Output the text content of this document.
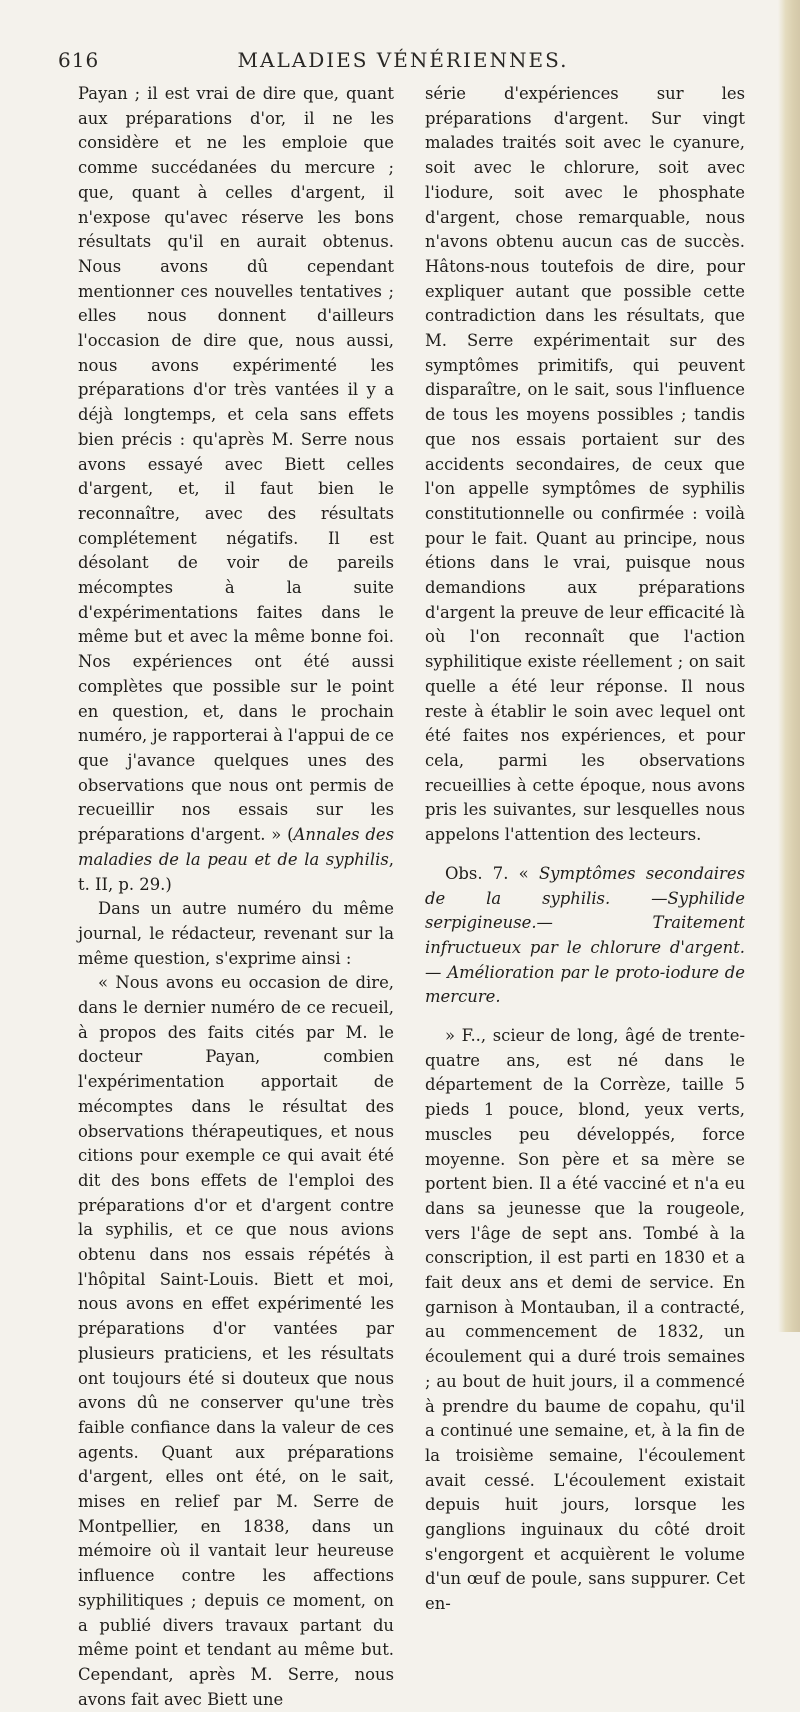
616	MALADIES VÉNÉRIENNES.

Payan ; il est vrai de dire que, quant aux préparations d'or, il ne les considère et ne les emploie que comme succédanées du mercure ; que, quant à celles d'argent, il n'expose qu'avec réserve les bons résultats qu'il en aurait obtenus. Nous avons dû cependant mentionner ces nouvelles tentatives ; elles nous donnent d'ailleurs l'occasion de dire que, nous aussi, nous avons expérimenté les préparations d'or très vantées il y a déjà longtemps, et cela sans effets bien précis : qu'après M. Serre nous avons essayé avec Biett celles d'argent, et, il faut bien le reconnaître, avec des résultats complétement négatifs. Il est désolant de voir de pareils mécomptes à la suite d'expérimentations faites dans le même but et avec la même bonne foi. Nos expériences ont été aussi complètes que possible sur le point en question, et, dans le prochain numéro, je rapporterai à l'appui de ce que j'avance quelques unes des observations que nous ont permis de recueillir nos essais sur les préparations d'argent. » (Annales des maladies de la peau et de la syphilis, t. II, p. 29.)

Dans un autre numéro du même journal, le rédacteur, revenant sur la même question, s'exprime ainsi :

« Nous avons eu occasion de dire, dans le dernier numéro de ce recueil, à propos des faits cités par M. le docteur Payan, combien l'expérimentation apportait de mécomptes dans le résultat des observations thérapeutiques, et nous citions pour exemple ce qui avait été dit des bons effets de l'emploi des préparations d'or et d'argent contre la syphilis, et ce que nous avions obtenu dans nos essais répétés à l'hôpital Saint-Louis. Biett et moi, nous avons en effet expérimenté les préparations d'or vantées par plusieurs praticiens, et les résultats ont toujours été si douteux que nous avons dû ne conserver qu'une très faible confiance dans la valeur de ces agents. Quant aux préparations d'argent, elles ont été, on le sait, mises en relief par M. Serre de Montpellier, en 1838, dans un mémoire où il vantait leur heureuse influence contre les affections syphilitiques ; depuis ce moment, on a publié divers travaux partant du même point et tendant au même but. Cependant, après M. Serre, nous avons fait avec Biett une

série d'expériences sur les préparations d'argent. Sur vingt malades traités soit avec le cyanure, soit avec le chlorure, soit avec l'iodure, soit avec le phosphate d'argent, chose remarquable, nous n'avons obtenu aucun cas de succès. Hâtons-nous toutefois de dire, pour expliquer autant que possible cette contradiction dans les résultats, que M. Serre expérimentait sur des symptômes primitifs, qui peuvent disparaître, on le sait, sous l'influence de tous les moyens possibles ; tandis que nos essais portaient sur des accidents secondaires, de ceux que l'on appelle symptômes de syphilis constitutionnelle ou confirmée : voilà pour le fait. Quant au principe, nous étions dans le vrai, puisque nous demandions aux préparations d'argent la preuve de leur efficacité là où l'on reconnaît que l'action syphilitique existe réellement ; on sait quelle a été leur réponse. Il nous reste à établir le soin avec lequel ont été faites nos expériences, et pour cela, parmi les observations recueillies à cette époque, nous avons pris les suivantes, sur lesquelles nous appelons l'attention des lecteurs.

Obs. 7. « Symptômes secondaires de la syphilis. —Syphilide serpigineuse.— Traitement infructueux par le chlorure d'argent.— Amélioration par le proto-iodure de mercure.

» F.., scieur de long, âgé de trente-quatre ans, est né dans le département de la Corrèze, taille 5 pieds 1 pouce, blond, yeux verts, muscles peu développés, force moyenne. Son père et sa mère se portent bien. Il a été vacciné et n'a eu dans sa jeunesse que la rougeole, vers l'âge de sept ans. Tombé à la conscription, il est parti en 1830 et a fait deux ans et demi de service. En garnison à Montauban, il a contracté, au commencement de 1832, un écoulement qui a duré trois semaines ; au bout de huit jours, il a commencé à prendre du baume de copahu, qu'il a continué une semaine, et, à la fin de la troisième semaine, l'écoulement avait cessé. L'écoulement existait depuis huit jours, lorsque les ganglions inguinaux du côté droit s'engorgent et acquièrent le volume d'un œuf de poule, sans suppurer. Cet en-
